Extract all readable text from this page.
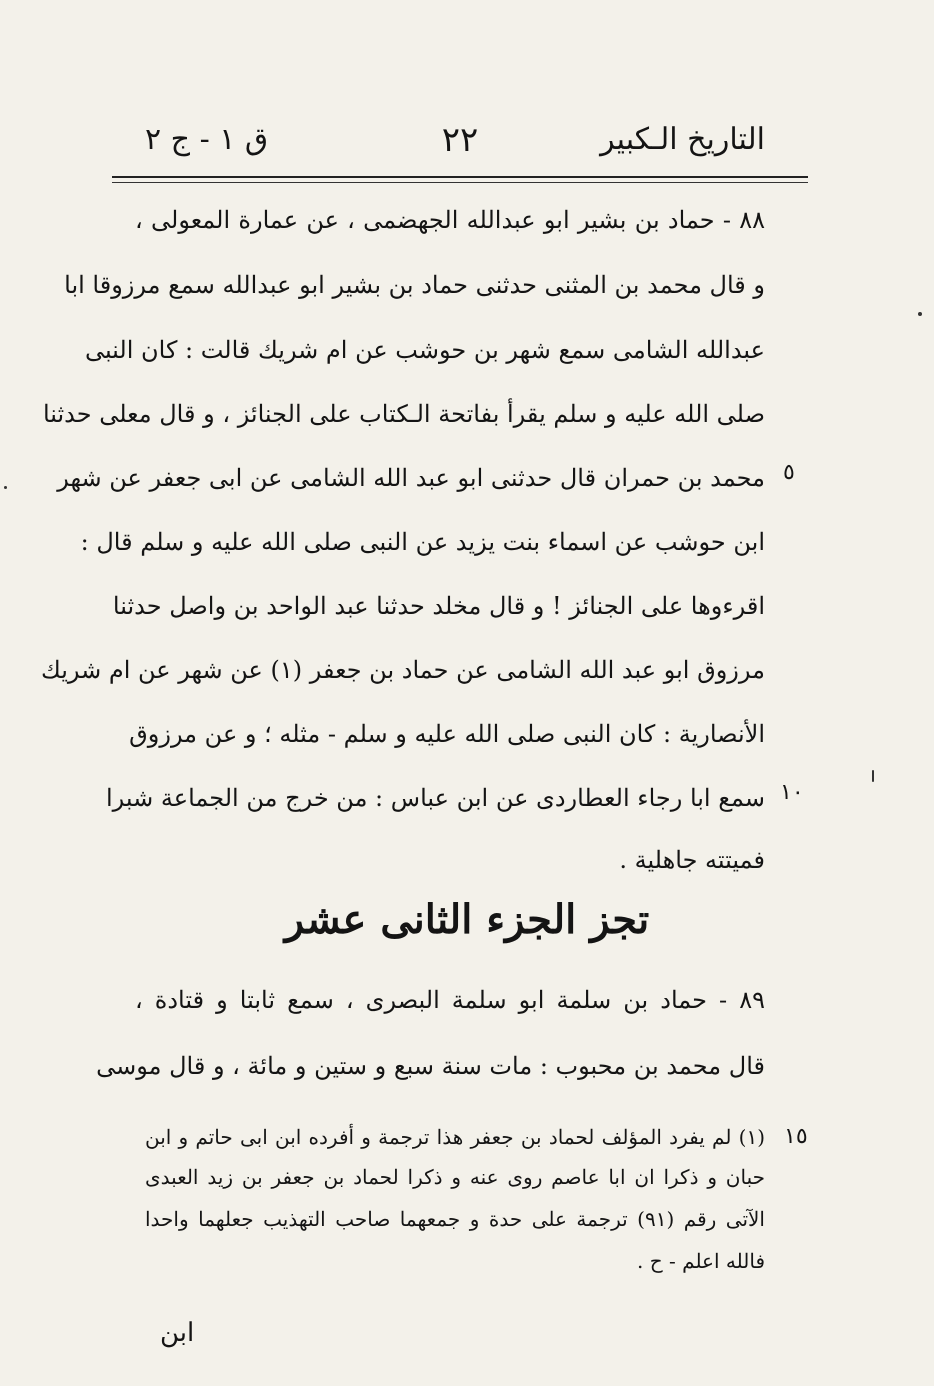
التاريخ الـكبير
٢٢
ق ١ - ج ٢
٨٨ - حماد بن بشير ابو عبدالله الجهضمى ، عن عمارة المعولى ،
و قال محمد بن المثنى حدثنى حماد بن بشير ابو عبدالله سمع مرزوقا ابا
عبدالله الشامى سمع شهر بن حوشب عن ام شريك قالت : كان النبى
صلى الله عليه و سلم يقرأ بفاتحة الـكتاب على الجنائز ، و قال معلى حدثنا
محمد بن حمران قال حدثنى ابو عبد الله الشامى عن ابى جعفر عن شهر
ابن حوشب عن اسماء بنت يزيد عن النبى صلى الله عليه و سلم قال :
اقرءوها على الجنائز ! و قال مخلد حدثنا عبد الواحد بن واصل حدثنا
مرزوق ابو عبد الله الشامى عن حماد بن جعفر (١) عن شهر عن ام شريك
الأنصارية : كان النبى صلى الله عليه و سلم - مثله ؛ و عن مرزوق
سمع ابا رجاء العطاردى عن ابن عباس : من خرج من الجماعة شبرا
فميتته جاهلية .
٥
١٠
١٥
تجز الجزء الثانى عشر
٨٩ - حماد بن سلمة ابو سلمة البصرى ، سمع ثابتا و قتادة ،
قال محمد بن محبوب : مات سنة سبع و ستين و مائة ، و قال موسى
(١) لم يفرد المؤلف لحماد بن جعفر هذا ترجمة و أفرده ابن ابى حاتم و ابن
حبان و ذكرا ان ابا عاصم روى عنه و ذكرا لحماد بن جعفر بن زيد العبدى
الآتى رقم (٩١) ترجمة على حدة و جمعهما صاحب التهذيب جعلهما واحدا
فالله اعلم - ح .
ابن
